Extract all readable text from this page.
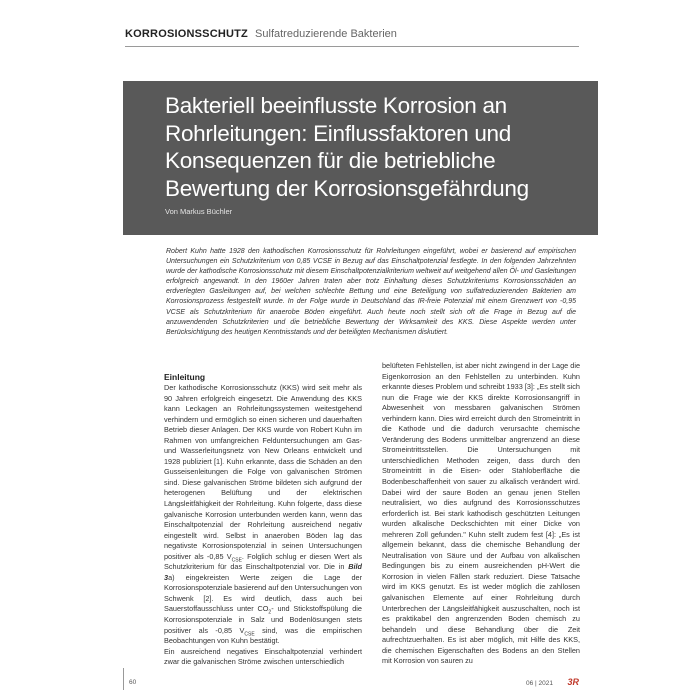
KORROSIONSSCHUTZ Sulfatreduzierende Bakterien
Bakteriell beeinflusste Korrosion an
Rohrleitungen: Einflussfaktoren und
Konsequenzen für die betriebliche
Bewertung der Korrosionsgefährdung
Von Markus Büchler
Robert Kuhn hatte 1928 den kathodischen Korrosionsschutz für Rohrleitungen eingeführt, wobei er basierend auf empirischen Untersuchungen ein Schutzkriterium von 0,85 VCSE in Bezug auf das Einschaltpotenzial festlegte. In den folgenden Jahrzehnten wurde der kathodische Korrosionsschutz mit diesem Einschaltpotenzialkriterium weltweit auf weitgehend allen Öl- und Gasleitungen erfolgreich angewandt. In den 1960er Jahren traten aber trotz Einhaltung dieses Schutzkriteriums Korrosionsschäden an erdverlegten Gasleitungen auf, bei welchen schlechte Bettung und eine Beteiligung von sulfatreduzierenden Bakterien am Korrosionsprozess festgestellt wurde. In der Folge wurde in Deutschland das IR-freie Potenzial mit einem Grenzwert von -0,95 VCSE als Schutzkriterium für anaerobe Böden eingeführt. Auch heute noch stellt sich oft die Frage in Bezug auf die anzuwendenden Schutzkriterien und die betriebliche Bewertung der Wirksamkeit des KKS. Diese Aspekte werden unter Berücksichtigung des heutigen Kenntnisstands und der beteiligten Mechanismen diskutiert.
Einleitung

Der kathodische Korrosionsschutz (KKS) wird seit mehr als 90 Jahren erfolgreich eingesetzt. Die Anwendung des KKS kann Leckagen an Rohrleitungssystemen weitestgehend verhindern und ermöglich so einen sicheren und dauerhaften Betrieb dieser Anlagen. Der KKS wurde von Robert Kuhn im Rahmen von umfangreichen Felduntersuchungen am Gas- und Wasserleitungsnetz von New Orleans entwickelt und 1928 publiziert [1]. Kuhn erkannte, dass die Schäden an den Gusseisenleitungen die Folge von galvanischen Strömen sind. Diese galvanischen Ströme bildeten sich aufgrund der heterogenen Belüftung und der elektrischen Längsleitfähigkeit der Rohrleitung. Kuhn folgerte, dass diese galvanische Korrosion unterbunden werden kann, wenn das Einschaltpotenzial der Rohrleitung ausreichend negativ eingestellt wird. Selbst in anaeroben Böden lag das negativste Korrosionspotenzial in seinen Untersuchungen positiver als -0,85 $V_{CSE}$. Folglich schlug er diesen Wert als Schutzkriterium für das Einschaltpotenzial vor. Die in Bild 3a) eingekreisten Werte zeigen die Lage der Korrosionspotenziale basierend auf den Untersuchungen von Schwenk [2]. Es wird deutlich, dass auch bei Sauerstoffausschluss unter $CO_2-$ und Stickstoffspülung die Korrosionspotenziale in Salz und Bodenlösungen stets positiver als -0,85 $V_{CSE}$ sind, was die empirischen Beobachtungen von Kuhn bestätigt.

Ein ausreichend negatives Einschaltpotenzial verhindert zwar die galvanischen Ströme zwischen unterschiedlich

belüfteten Fehlstellen, ist aber nicht zwingend in der Lage die Eigenkorrosion an den Fehlstellen zu unterbinden. Kuhn erkannte dieses Problem und schreibt 1933 [3]: „Es stellt sich nun die Frage wie der KKS direkte Korrosionsangriff in Abwesenheit von messbaren galvanischen Strömen verhindern kann. Dies wird erreicht durch den Stromeintritt in die Kathode und die dadurch verursachte chemische Veränderung des Bodens unmittelbar angrenzend an diese Stromeintrittsstellen. Die Untersuchungen mit unterschiedlichen Methoden zeigen, dass durch den Stromeintritt in die Eisen- oder Stahloberfläche die Bodenbeschaffenheit von sauer zu alkalisch verändert wird. Dabei wird der saure Boden an genau jenen Stellen neutralisiert, wo dies aufgrund des Korrosionsschutzes erforderlich ist. Bei stark kathodisch geschützten Leitungen wurden alkalische Deckschichten mit einer Dicke von mehreren Zoll gefunden." Kuhn stellt zudem fest [4]: „Es ist allgemein bekannt, dass die chemische Behandlung der Neutralisation von Säure und der Aufbau von alkalischen Bedingungen bis zu einem ausreichenden pH-Wert die Korrosion in vielen Fällen stark reduziert. Diese Tatsache wird im KKS genutzt. Es ist weder möglich die zahllosen galvanischen Elemente auf einer Rohrleitung durch Unterbrechen der Längsleitfähigkeit auszuschalten, noch ist es praktikabel den angrenzenden Boden chemisch zu behandeln und diese Behandlung über die Zeit aufrechtzuerhalten. Es ist aber möglich, mit Hilfe des KKS, die chemischen Eigenschaften des Bodens an den Stellen mit Korrosion von sauren zu

60	06 | 2021 3R
